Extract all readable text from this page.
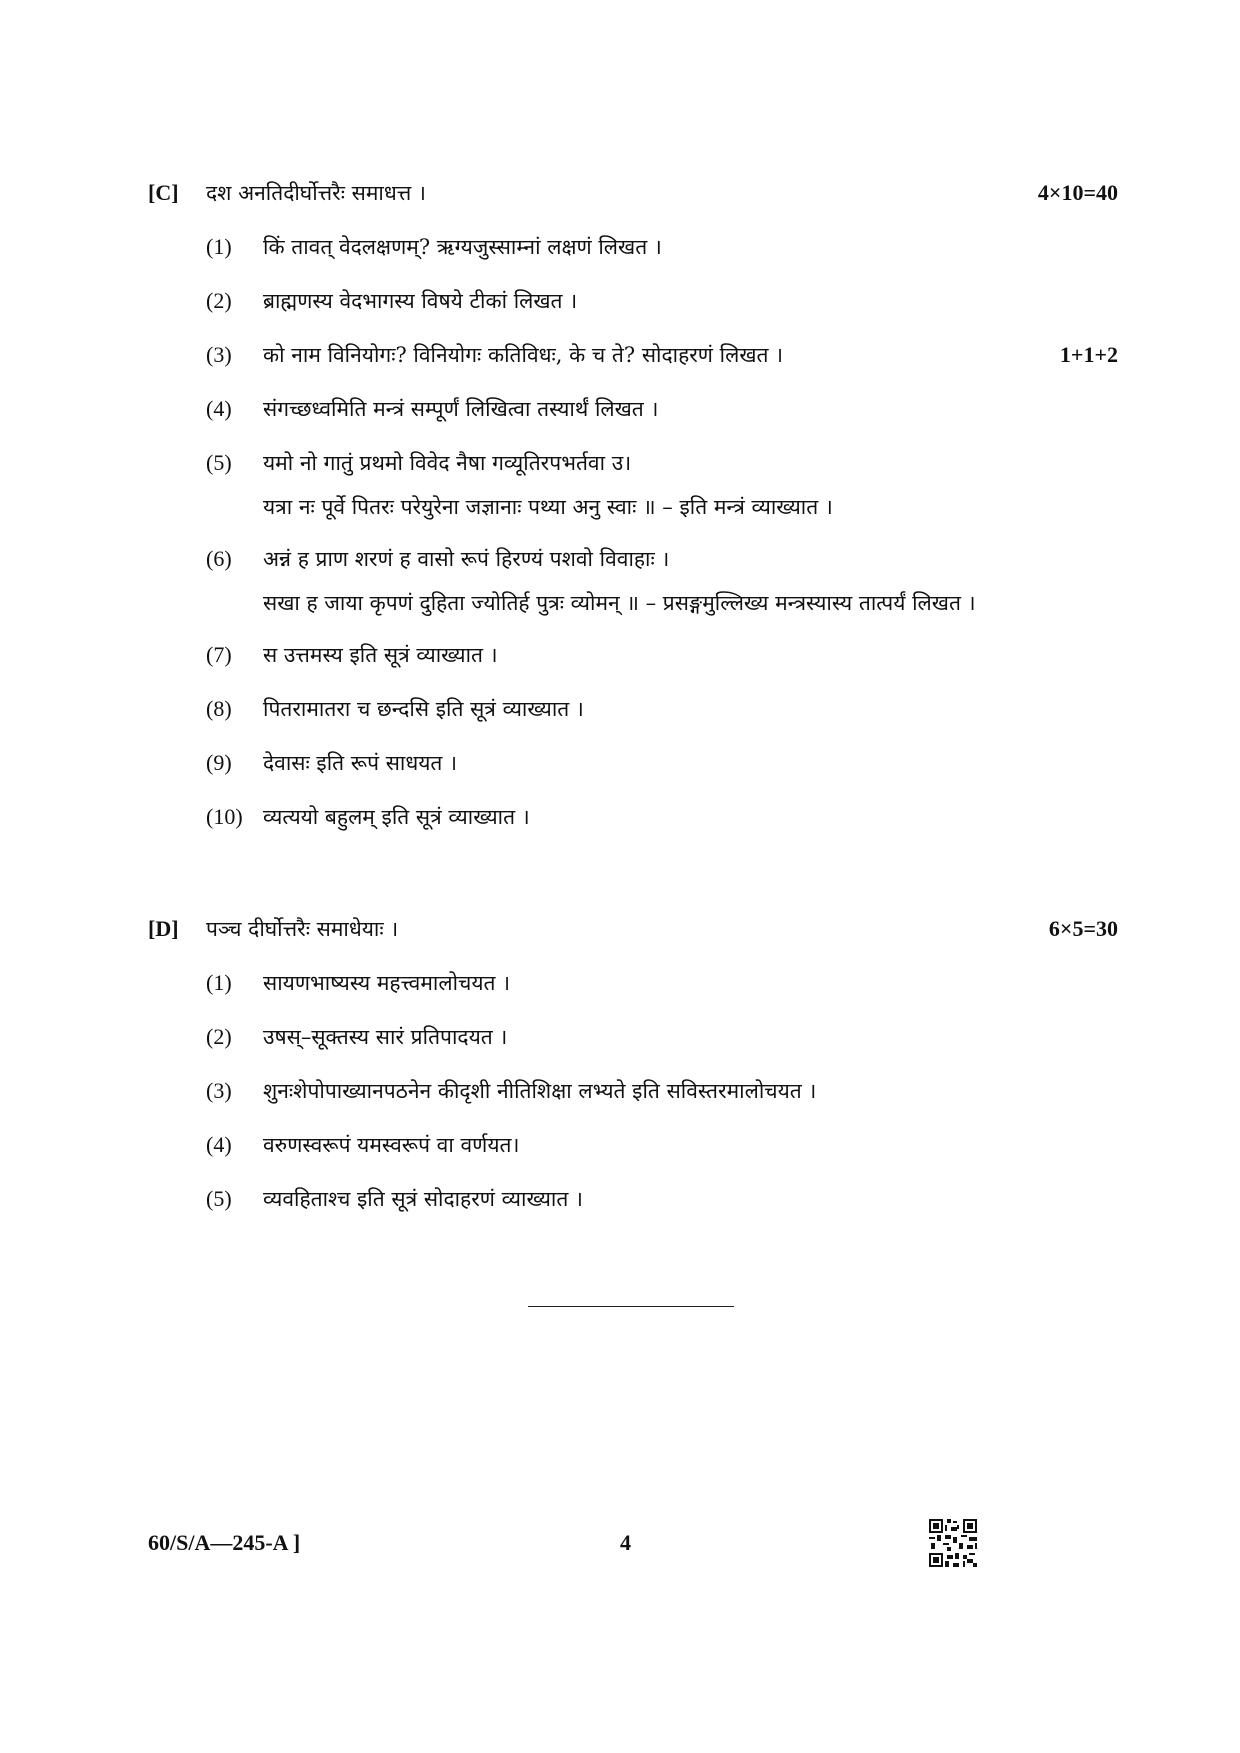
[C] दश अनतिदीर्घोत्तरैः समाधत्त ।	4×10=40
(1) किं तावत् वेदलक्षणम्? ऋग्यजुस्साम्नां लक्षणं लिखत ।
(2) ब्राह्मणस्य वेदभागस्य विषये टीकां लिखत ।
(3) को नाम विनियोगः? विनियोगः कतिविधः, के च ते? सोदाहरणं लिखत ।	1+1+2
(4) संगच्छध्वमिति मन्त्रं सम्पूर्णं लिखित्वा तस्यार्थं लिखत ।
(5) यमो नो गातुं प्रथमो विवेद नैषा गव्यूतिरपभर्तवा उ।
यत्रा नः पूर्वे पितरः परेयुरेना जज्ञानाः पथ्या अनु स्वाः ॥ – इति मन्त्रं व्याख्यात ।
(6) अन्नं ह प्राण शरणं ह वासो रूपं हिरण्यं पशवो विवाहाः ।
सखा ह जाया कृपणं दुहिता ज्योतिर्ह पुत्रः व्योमन् ॥ – प्रसङ्गमुल्लिख्य मन्त्रस्यास्य तात्पर्यं लिखत ।
(7) स उत्तमस्य इति सूत्रं व्याख्यात ।
(8) पितरामातरा च छन्दसि इति सूत्रं व्याख्यात ।
(9) देवासः इति रूपं साधयत ।
(10) व्यत्ययो बहुलम् इति सूत्रं व्याख्यात ।
[D] पञ्च दीर्घोत्तरैः समाधेयाः ।	6×5=30
(1) सायणभाष्यस्य महत्त्वमालोचयत ।
(2) उषस्–सूक्तस्य सारं प्रतिपादयत ।
(3) शुनःशेपोपाख्यानपठनेन कीदृशी नीतिशिक्षा लभ्यते इति सविस्तरमालोचयत ।
(4) वरुणस्वरूपं यमस्वरूपं वा वर्णयत।
(5) व्यवहिताश्च इति सूत्रं सोदाहरणं व्याख्यात ।
60/S/A—245-A ]	4
